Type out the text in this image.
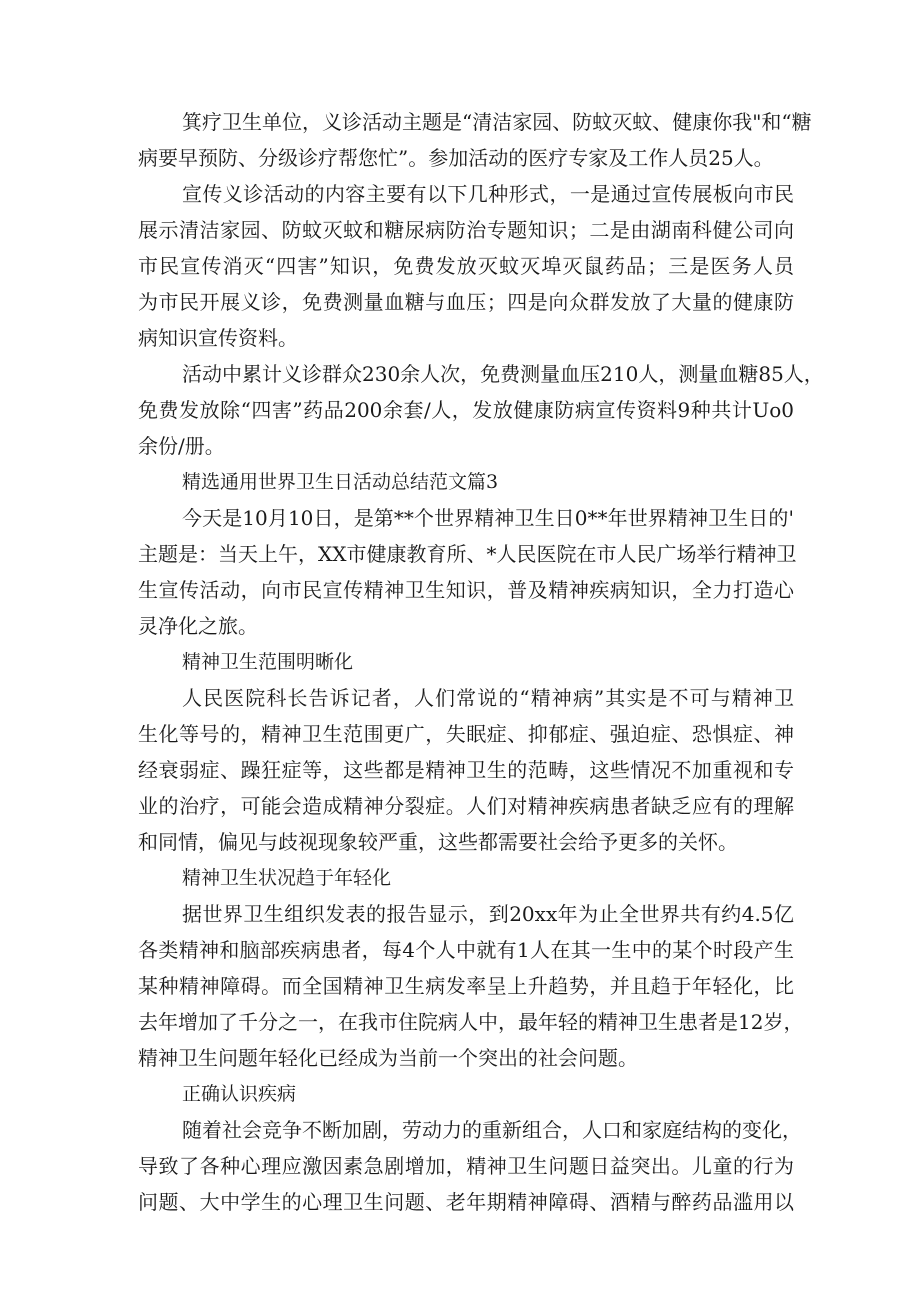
箕疗卫生单位，义诊活动主题是“清洁家园、防蚊灭蚊、健康你我"和“糖
病要早预防、分级诊疗帮您忙”。参加活动的医疗专家及工作人员25人。
宣传义诊活动的内容主要有以下几种形式，一是通过宣传展板向市民
展示清洁家园、防蚊灭蚊和糖尿病防治专题知识；二是由湖南科健公司向
市民宣传消灭“四害”知识，免费发放灭蚊灭埠灭鼠药品；三是医务人员
为市民开展义诊，免费测量血糖与血压；四是向众群发放了大量的健康防
病知识宣传资料。
活动中累计义诊群众230余人次，免费测量血压210人，测量血糖85人，
免费发放除“四害”药品200余套/人，发放健康防病宣传资料9种共计Uo0
余份/册。
精选通用世界卫生日活动总结范文篇3
今天是10月10日，是第**个世界精神卫生日0**年世界精神卫生日的'
主题是：当天上午，XX市健康教育所、*人民医院在市人民广场举行精神卫
生宣传活动，向市民宣传精神卫生知识，普及精神疾病知识，全力打造心
灵净化之旅。
精神卫生范围明晰化
人民医院科长告诉记者，人们常说的“精神病”其实是不可与精神卫
生化等号的，精神卫生范围更广，失眠症、抑郁症、强迫症、恐惧症、神
经衰弱症、躁狂症等，这些都是精神卫生的范畴，这些情况不加重视和专
业的治疗，可能会造成精神分裂症。人们对精神疾病患者缺乏应有的理解
和同情，偏见与歧视现象较严重，这些都需要社会给予更多的关怀。
精神卫生状况趋于年轻化
据世界卫生组织发表的报告显示，到20xx年为止全世界共有约4.5亿
各类精神和脑部疾病患者，每4个人中就有1人在其一生中的某个时段产生
某种精神障碍。而全国精神卫生病发率呈上升趋势，并且趋于年轻化，比
去年增加了千分之一，在我市住院病人中，最年轻的精神卫生患者是12岁，
精神卫生问题年轻化已经成为当前一个突出的社会问题。
正确认识疾病
随着社会竞争不断加剧，劳动力的重新组合，人口和家庭结构的变化，
导致了各种心理应激因素急剧增加，精神卫生问题日益突出。儿童的行为
问题、大中学生的心理卫生问题、老年期精神障碍、酒精与醉药品滥用以
